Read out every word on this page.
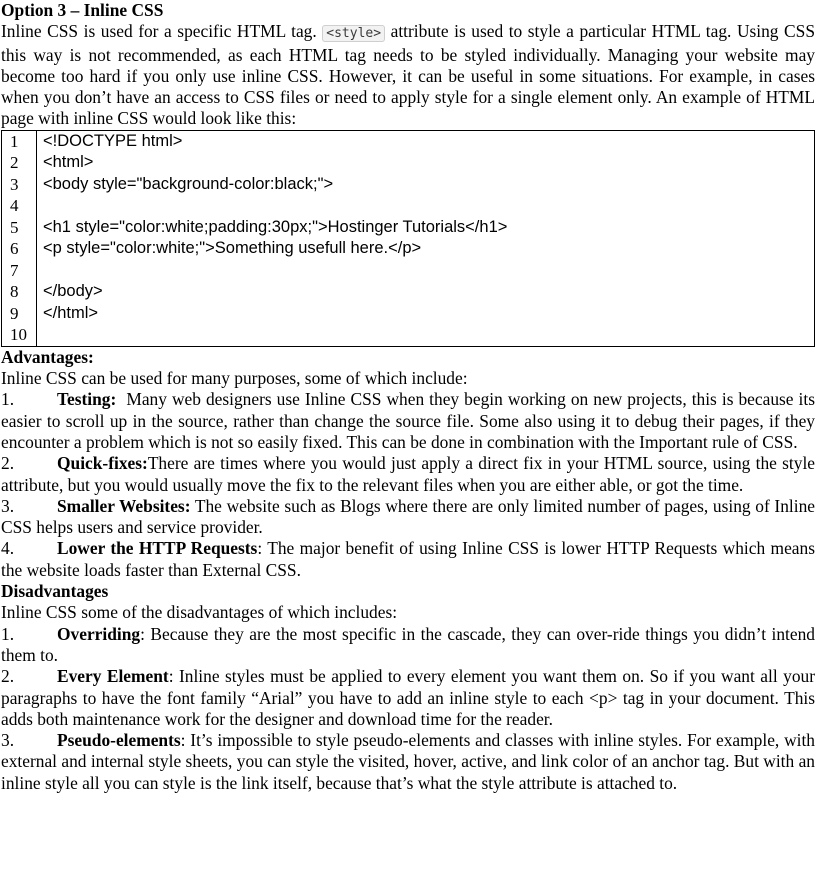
Option 3 – Inline CSS

Inline CSS is used for a specific HTML tag. <style> attribute is used to style a particular HTML tag. Using CSS this way is not recommended, as each HTML tag needs to be styled individually. Managing your website may become too hard if you only use inline CSS. However, it can be useful in some situations. For example, in cases when you don’t have an access to CSS files or need to apply style for a single element only. An example of HTML page with inline CSS would look like this:

1	<!DOCTYPE html>
2	<html>
3	<body style="background-color:black;">
4	
5	<h1 style="color:white;padding:30px;">Hostinger Tutorials</h1>
6	<p style="color:white;">Something usefull here.</p>
7	
8	</body>
9	</html>
10	

Advantages:

Inline CSS can be used for many purposes, some of which include:

1. Testing:  Many web designers use Inline CSS when they begin working on new projects, this is because its easier to scroll up in the source, rather than change the source file. Some also using it to debug their pages, if they encounter a problem which is not so easily fixed. This can be done in combination with the Important rule of CSS.

2. Quick-fixes:There are times where you would just apply a direct fix in your HTML source, using the style attribute, but you would usually move the fix to the relevant files when you are either able, or got the time.

3. Smaller Websites: The website such as Blogs where there are only limited number of pages, using of Inline CSS helps users and service provider.

4. Lower the HTTP Requests: The major benefit of using Inline CSS is lower HTTP Requests which means the website loads faster than External CSS.

Disadvantages

Inline CSS some of the disadvantages of which includes:

1. Overriding: Because they are the most specific in the cascade, they can over-ride things you didn’t intend them to.

2. Every Element: Inline styles must be applied to every element you want them on. So if you want all your paragraphs to have the font family “Arial” you have to add an inline style to each <p> tag in your document. This adds both maintenance work for the designer and download time for the reader.

3. Pseudo-elements: It’s impossible to style pseudo-elements and classes with inline styles. For example, with external and internal style sheets, you can style the visited, hover, active, and link color of an anchor tag. But with an inline style all you can style is the link itself, because that’s what the style attribute is attached to.
